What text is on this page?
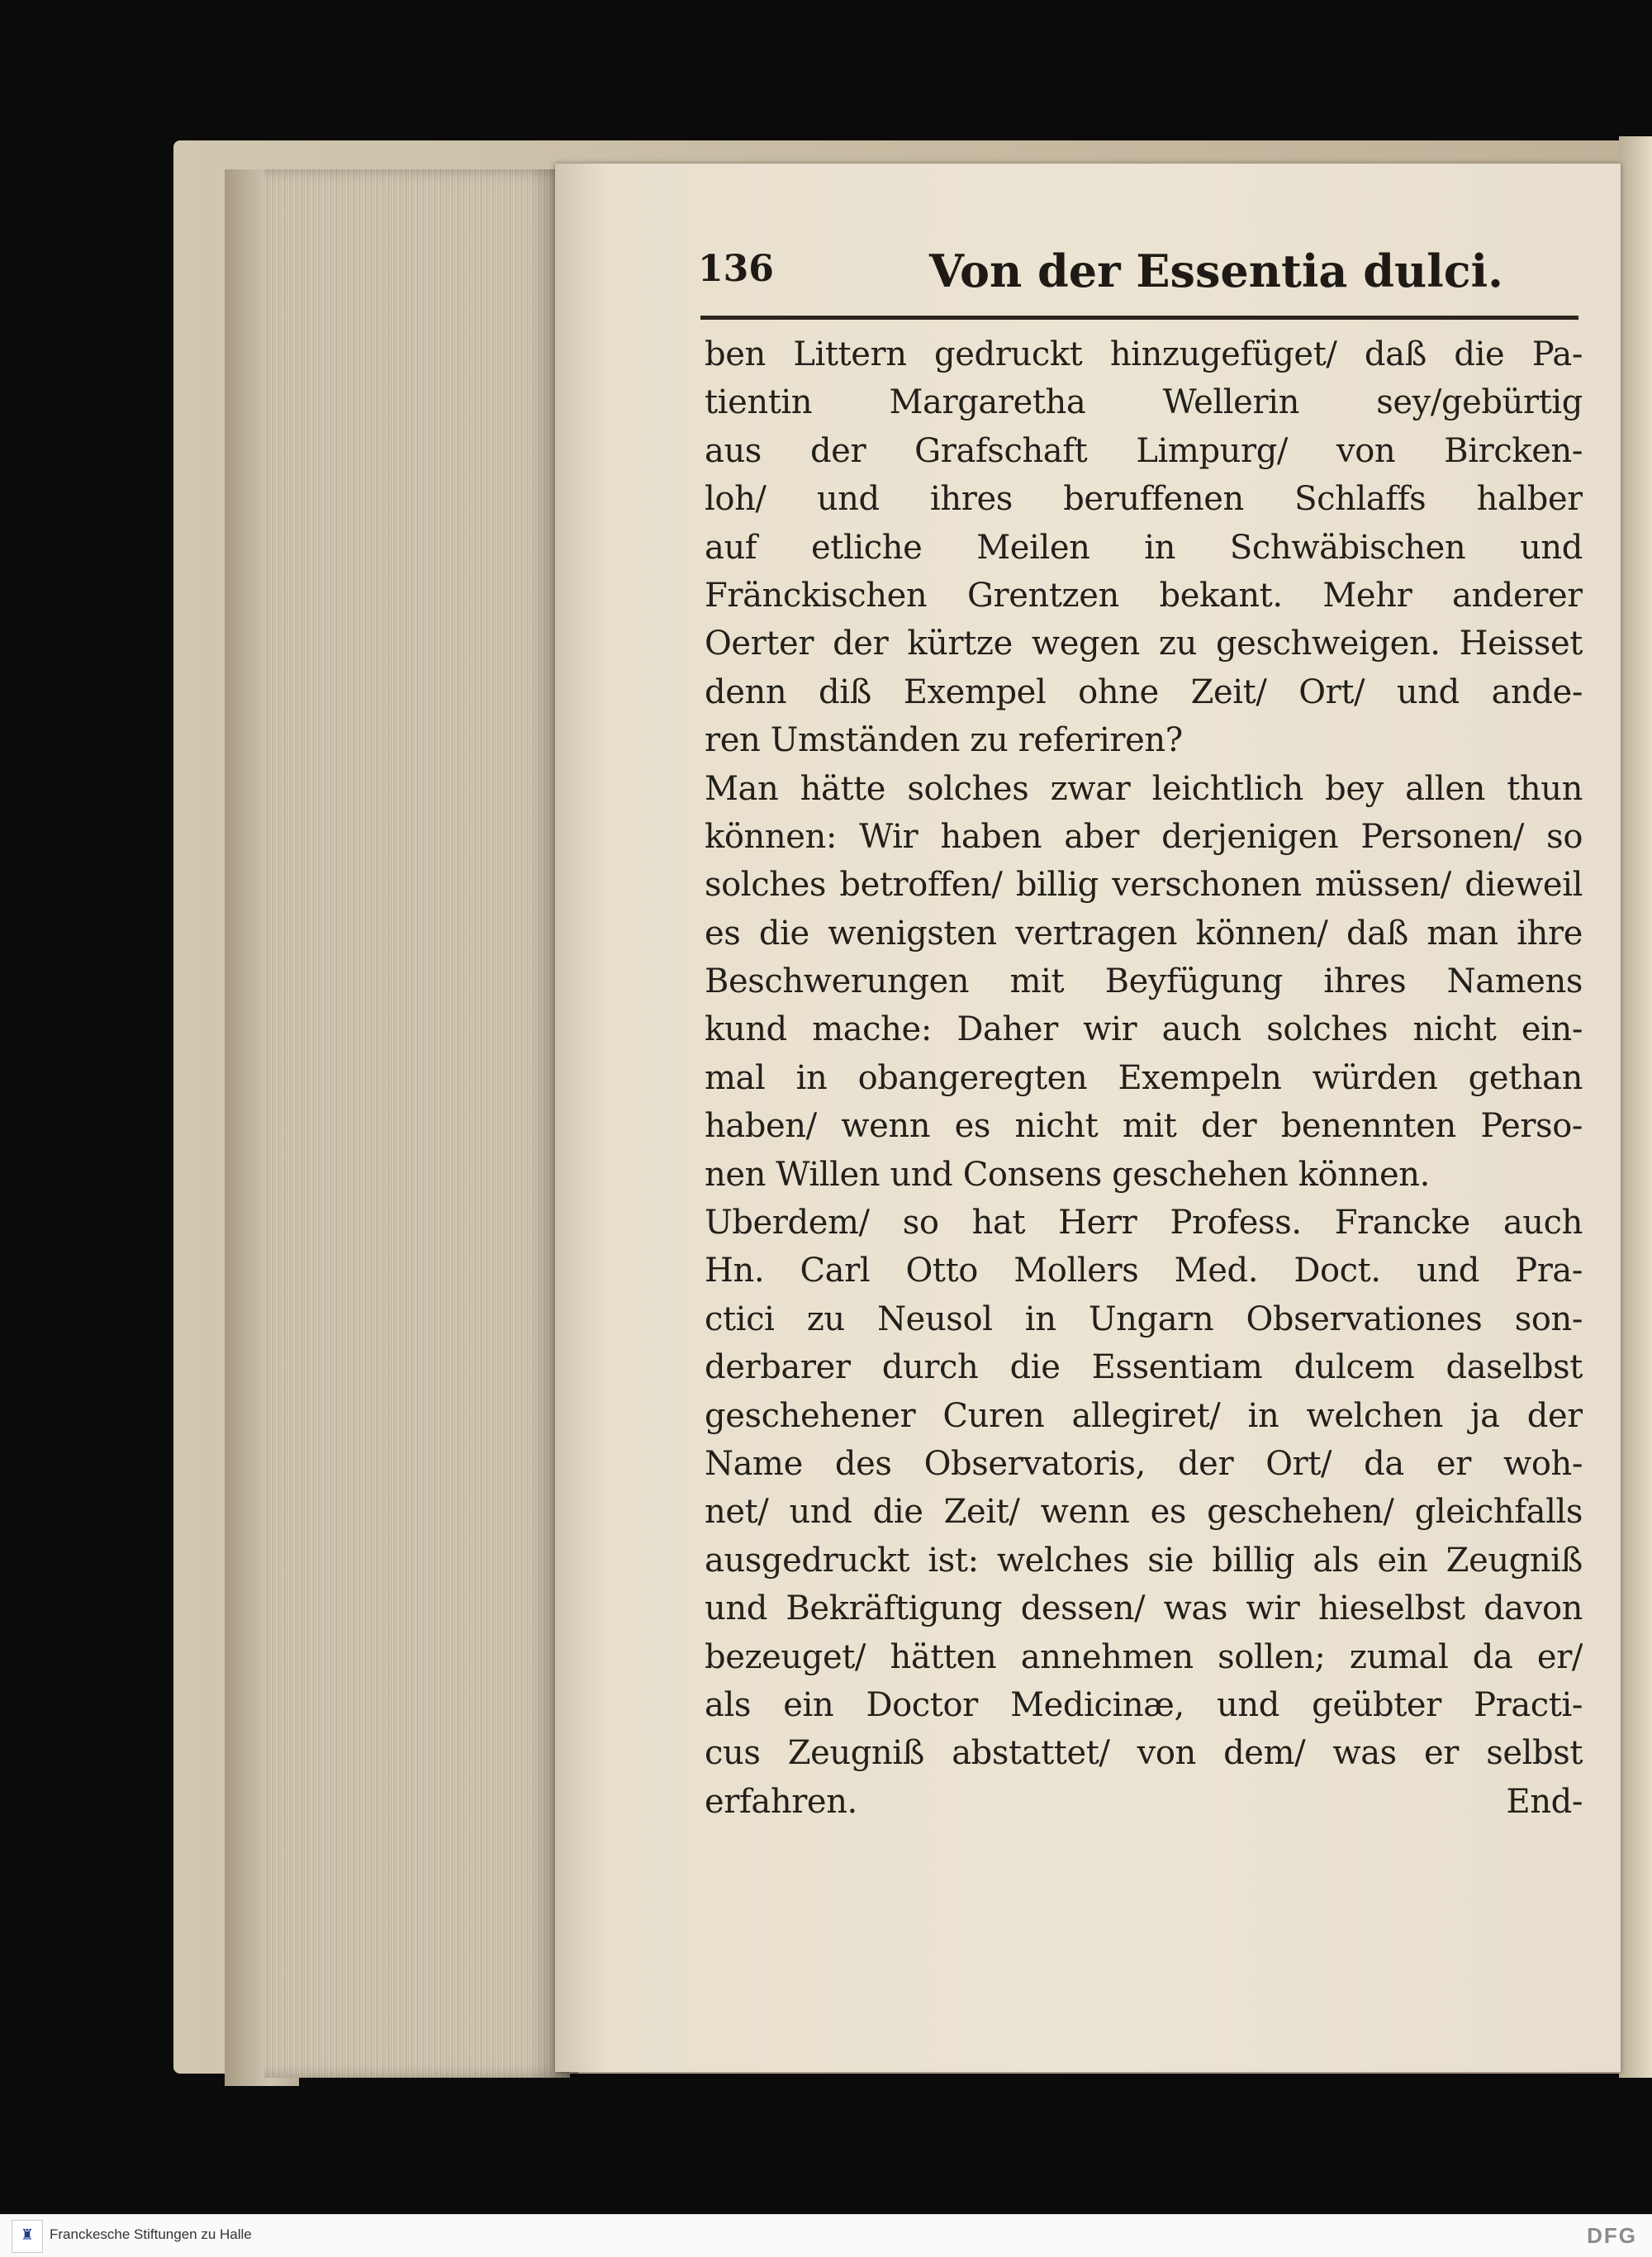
136	Von der Essentia dulci.
ben Littern gedruckt hinzugefüget/ daß die Pa-
tientin Margaretha Wellerin sey/gebürtig
aus der Grafschaft Limpurg/ von Bircken-
loh/ und ihres beruffenen Schlaffs halber
auf etliche Meilen in Schwäbischen und
Fränckischen Grentzen bekant. Mehr anderer
Oerter der kürtze wegen zu geschweigen. Heisset
denn diß Exempel ohne Zeit/ Ort/ und ande-
ren Umständen zu referiren?
Man hätte solches zwar leichtlich bey allen thun
können: Wir haben aber derjenigen Personen/ so
solches betroffen/ billig verschonen müssen/ dieweil
es die wenigsten vertragen können/ daß man ihre
Beschwerungen mit Beyfügung ihres Namens
kund mache: Daher wir auch solches nicht ein-
mal in obangeregten Exempeln würden gethan
haben/ wenn es nicht mit der benennten Perso-
nen Willen und Consens geschehen können.
Uberdem/ so hat Herr Profess. Francke auch
Hn. Carl Otto Mollers Med. Doct. und Pra-
ctici zu Neusol in Ungarn Observationes son-
derbarer durch die Essentiam dulcem daselbst
geschehener Curen allegiret/ in welchen ja der
Name des Observatoris, der Ort/ da er woh-
net/ und die Zeit/ wenn es geschehen/ gleichfalls
ausgedruckt ist: welches sie billig als ein Zeugniß
und Bekräftigung dessen/ was wir hieselbst davon
bezeuget/ hätten annehmen sollen; zumal da er/
als ein Doctor Medicinæ, und geübter Practi-
cus Zeugniß abstattet/ von dem/ was er selbst
erfahren.	End-
♜	Franckesche Stiftungen zu Halle	DFG
